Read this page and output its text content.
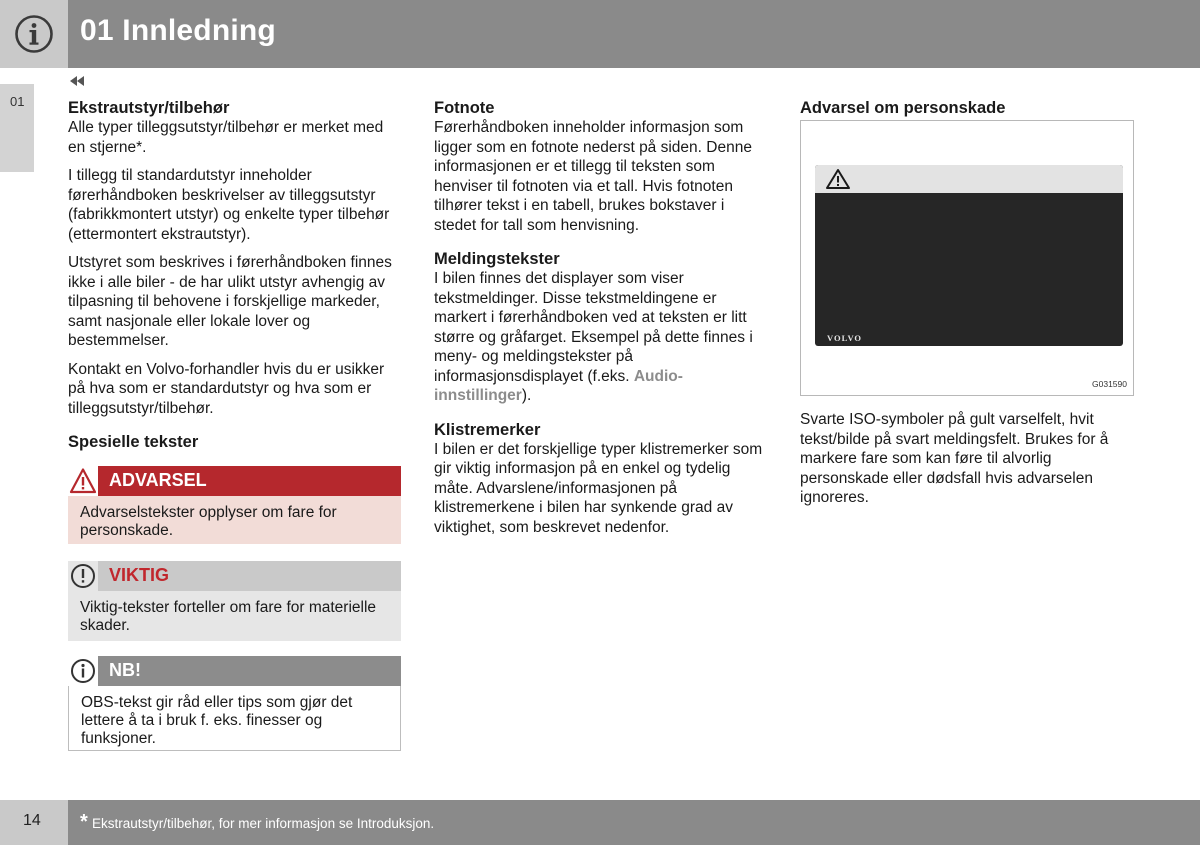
01 Innledning
01	Ekstrautstyr/tilbehør

Alle typer tilleggsutstyr/tilbehør er merket med en stjerne*.

I tillegg til standardutstyr inneholder førerhåndboken beskrivelser av tilleggsutstyr (fabrikkmontert utstyr) og enkelte typer tilbehør (ettermontert ekstrautstyr).

Utstyret som beskrives i førerhåndboken finnes ikke i alle biler - de har ulikt utstyr avhengig av tilpasning til behovene i forskjellige markeder, samt nasjonale eller lokale lover og bestemmelser.

Kontakt en Volvo-forhandler hvis du er usikker på hva som er standardutstyr og hva som er tilleggsutstyr/tilbehør.

Spesielle tekster
ADVARSEL
Advarselstekster opplyser om fare for personskade.
VIKTIG
Viktig-tekster forteller om fare for materielle skader.
NB!
OBS-tekst gir råd eller tips som gjør det lettere å ta i bruk f. eks. finesser og funksjoner.
Fotnote

Førerhåndboken inneholder informasjon som ligger som en fotnote nederst på siden. Denne informasjonen er et tillegg til teksten som henviser til fotnoten via et tall. Hvis fotnoten tilhører tekst i en tabell, brukes bokstaver i stedet for tall som henvisning.

Meldingstekster

I bilen finnes det displayer som viser tekstmeldinger. Disse tekstmeldingene er markert i førerhåndboken ved at teksten er litt større og gråfarget. Eksempel på dette finnes i meny- og meldingstekster på informasjonsdisplayet (f.eks. Audio-innstillinger).

Klistremerker

I bilen er det forskjellige typer klistremerker som gir viktig informasjon på en enkel og tydelig måte. Advarslene/informasjonen på klistremerkene i bilen har synkende grad av viktighet, som beskrevet nedenfor.

Advarsel om personskade
VOLVO
G031590

Svarte ISO-symboler på gult varselfelt, hvit tekst/bilde på svart meldingsfelt. Brukes for å markere fare som kan føre til alvorlig personskade eller dødsfall hvis advarselen ignoreres.

14 * Ekstrautstyr/tilbehør, for mer informasjon se Introduksjon.
